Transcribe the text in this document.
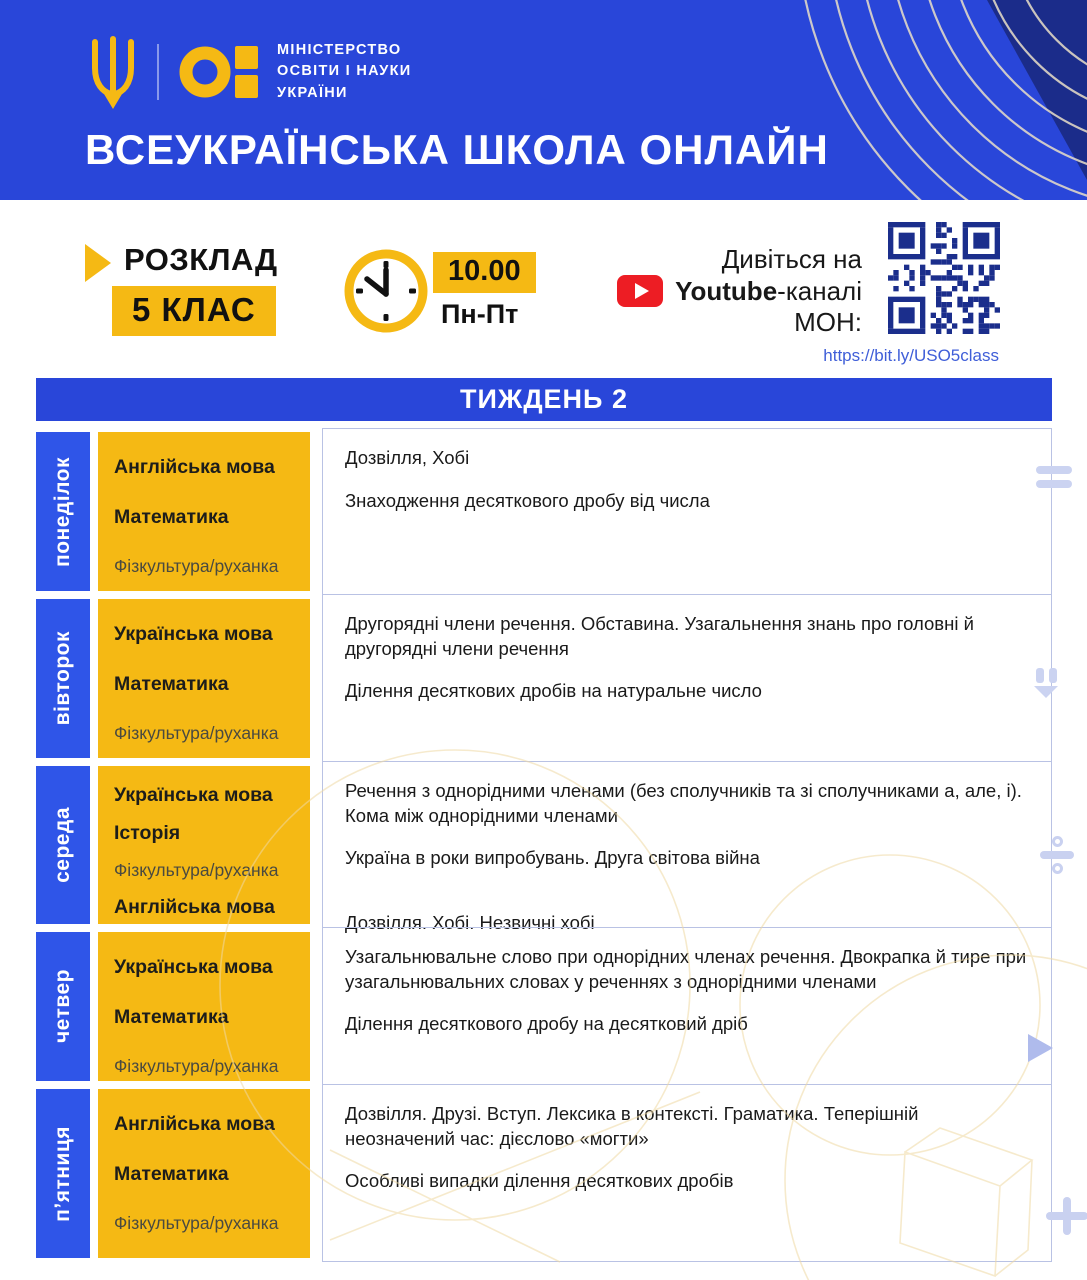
МІНІСТЕРСТВО
ОСВІТИ І НАУКИ
УКРАЇНИ
ВСЕУКРАЇНСЬКА ШКОЛА ОНЛАЙН
РОЗКЛАД
5 КЛАС
10.00
Пн-Пт
Дивіться на
Youtube -каналі
МОН:
https://bit.ly/USO5class
ТИЖДЕНЬ 2
понеділок Англійська мова
Математика
Фізкультура/руханка

Дозвілля, Хобі

Знаходження десяткового дробу від числа

вівторок Українська мова
Математика
Фізкультура/руханка

Другорядні члени речення. Обставина. Узагальнення знань про головні й другорядні члени речення

Ділення десяткових дробів на натуральне число

середа
Українська мова
Історія
Фізкультура/руханка
Англійська мова

Речення з однорідними членами (без сполучників та зі сполучниками а, але, і). Кома між однорідними членами

Україна в роки випробувань. Друга світова війна

Дозвілля. Хобі. Незвичні хобі

четвер
Українська мова
Математика
Фізкультура/руханка

Узагальнювальне слово при однорідних членах речення. Двокрапка й тире при узагальнювальних словах у реченнях з однорідними членами

Ділення десяткового дробу на десятковий дріб

п’ятниця
Англійська мова
Математика
Фізкультура/руханка

Дозвілля. Друзі. Вступ. Лексика в контексті. Граматика. Теперішній неозначений час: дієслово «могти»

Особливі випадки ділення десяткових дробів
